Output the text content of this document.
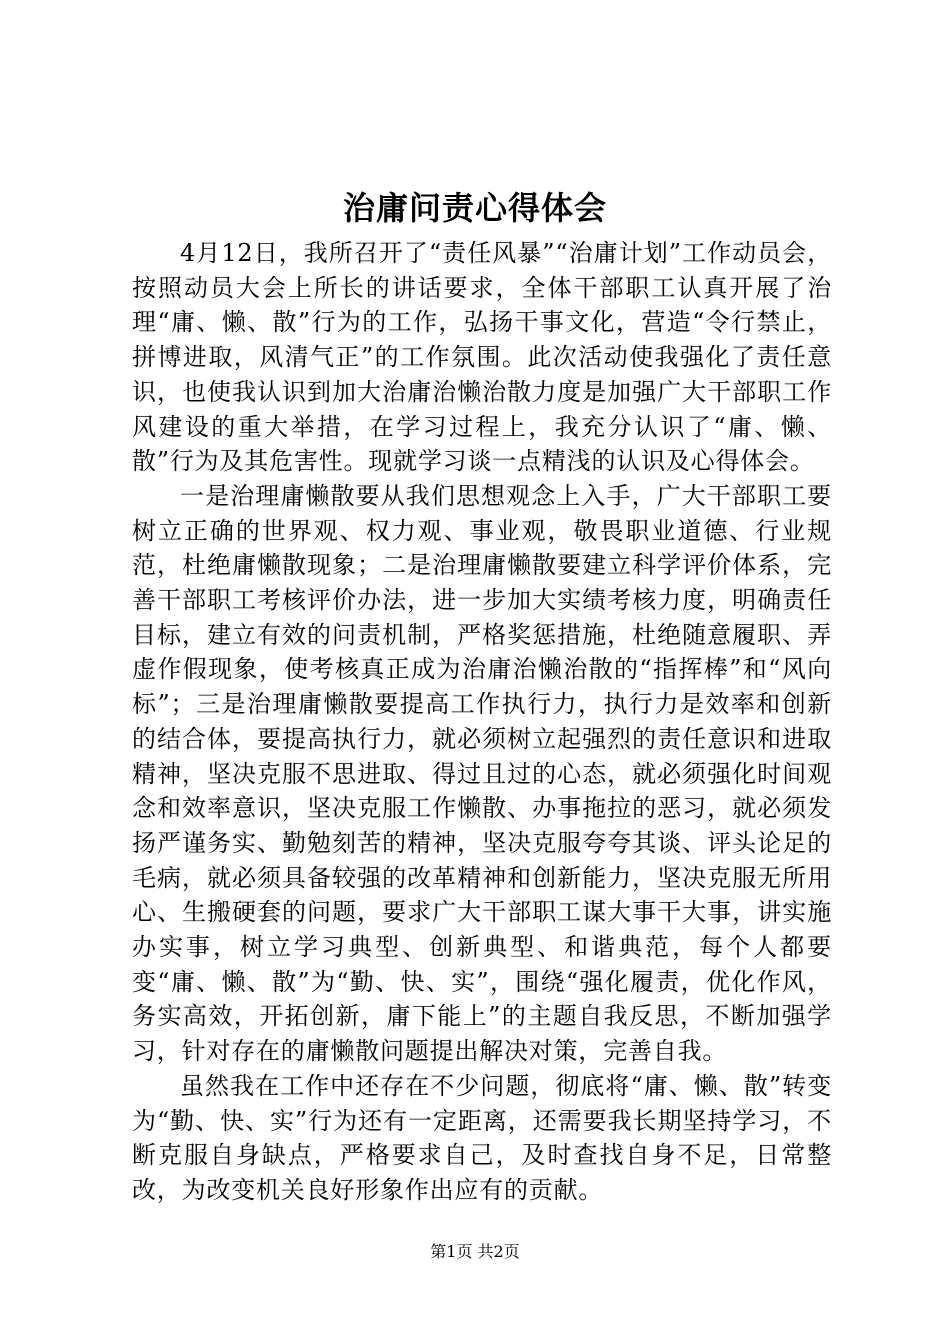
治庸问责心得体会

4月12日，我所召开了“责任风暴”“治庸计划”工作动员会，按照动员大会上所长的讲话要求，全体干部职工认真开展了治理“庸、懒、散”行为的工作，弘扬干事文化，营造“令行禁止，拼博进取，风清气正”的工作氛围。此次活动使我强化了责任意识，也使我认识到加大治庸治懒治散力度是加强广大干部职工作风建设的重大举措，在学习过程上，我充分认识了“庸、懒、散”行为及其危害性。现就学习谈一点精浅的认识及心得体会。

一是治理庸懒散要从我们思想观念上入手，广大干部职工要树立正确的世界观、权力观、事业观，敬畏职业道德、行业规范，杜绝庸懒散现象；二是治理庸懒散要建立科学评价体系，完善干部职工考核评价办法，进一步加大实绩考核力度，明确责任目标，建立有效的问责机制，严格奖惩措施，杜绝随意履职、弄虚作假现象，使考核真正成为治庸治懒治散的“指挥棒”和“风向标”；三是治理庸懒散要提高工作执行力，执行力是效率和创新的结合体，要提高执行力，就必须树立起强烈的责任意识和进取精神，坚决克服不思进取、得过且过的心态，就必须强化时间观念和效率意识，坚决克服工作懒散、办事拖拉的恶习，就必须发扬严谨务实、勤勉刻苦的精神，坚决克服夸夸其谈、评头论足的毛病，就必须具备较强的改革精神和创新能力，坚决克服无所用心、生搬硬套的问题，要求广大干部职工谋大事干大事，讲实施办实事，树立学习典型、创新典型、和谐典范，每个人都要变“庸、懒、散”为“勤、快、实”，围绕“强化履责，优化作风，务实高效，开拓创新，庸下能上”的主题自我反思，不断加强学习，针对存在的庸懒散问题提出解决对策，完善自我。

虽然我在工作中还存在不少问题，彻底将“庸、懒、散”转变为“勤、快、实”行为还有一定距离，还需要我长期坚持学习，不断克服自身缺点，严格要求自己，及时查找自身不足，日常整改，为改变机关良好形象作出应有的贡献。

第1页 共2页
